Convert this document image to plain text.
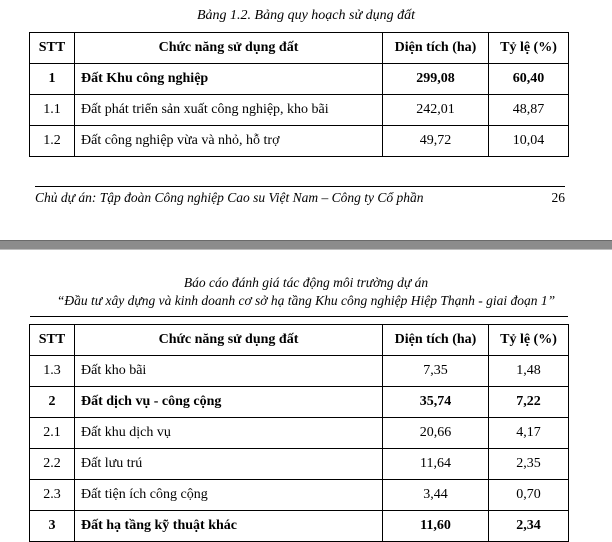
Bảng 1.2. Bảng quy hoạch sử dụng đất
STT	Chức năng sử dụng đất	Diện tích (ha)	Tỷ lệ (%)
1	Đất Khu công nghiệp	299,08	60,40
1.1	Đất phát triển sản xuất công nghiệp, kho bãi	242,01	48,87
1.2	Đất công nghiệp vừa và nhỏ, hỗ trợ	49,72	10,04
Chủ dự án: Tập đoàn Công nghiệp Cao su Việt Nam – Công ty Cổ phần	26
Báo cáo đánh giá tác động môi trường dự án
“Đầu tư xây dựng và kinh doanh cơ sở hạ tầng Khu công nghiệp Hiệp Thạnh - giai đoạn 1”
STT	Chức năng sử dụng đất	Diện tích (ha)	Tỷ lệ (%)
1.3	Đất kho bãi	7,35	1,48
2	Đất dịch vụ - công cộng	35,74	7,22
2.1	Đất khu dịch vụ	20,66	4,17
2.2	Đất lưu trú	11,64	2,35
2.3	Đất tiện ích công cộng	3,44	0,70
3	Đất hạ tầng kỹ thuật khác	11,60	2,34
